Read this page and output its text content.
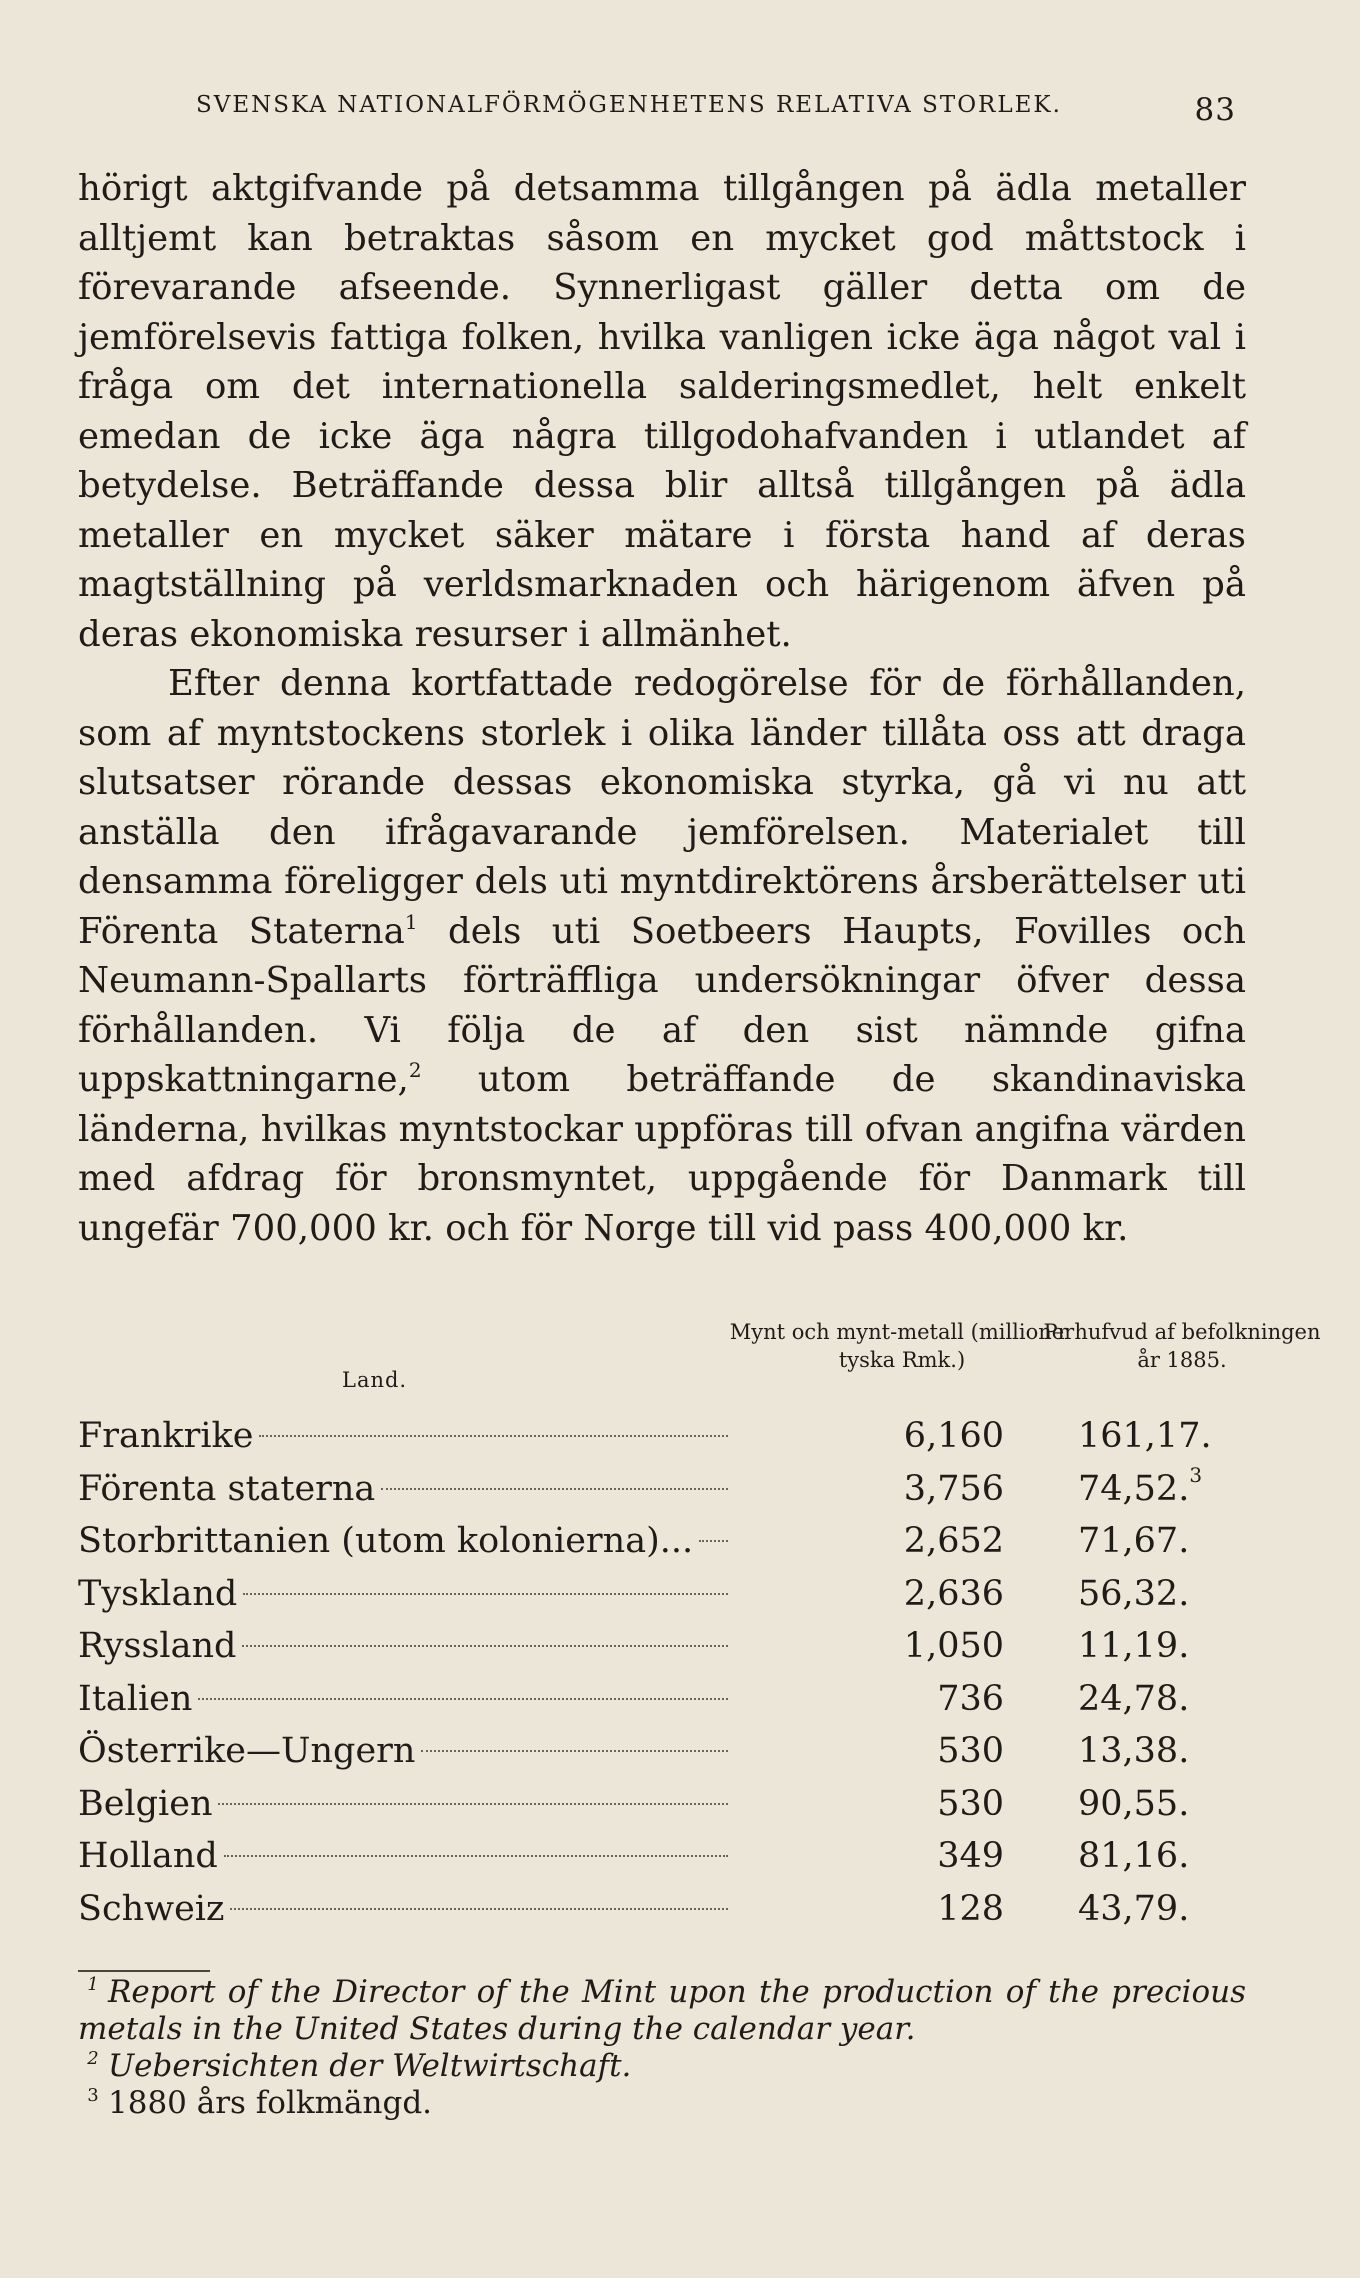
SVENSKA NATIONALFÖRMÖGENHETENS RELATIVA STORLEK.	83

hörigt aktgifvande på detsamma tillgången på ädla metaller alltjemt kan betraktas såsom en mycket god måttstock i förevarande afseende. Synnerligast gäller detta om de jemförelsevis fattiga folken, hvilka vanligen icke äga något val i fråga om det internationella salderingsmedlet, helt enkelt emedan de icke äga några tillgodohafvanden i utlandet af betydelse. Beträffande dessa blir alltså tillgången på ädla metaller en mycket säker mätare i första hand af deras magtställning på verldsmarknaden och härigenom äfven på deras ekonomiska resurser i allmänhet.

Efter denna kortfattade redogörelse för de förhållanden, som af myntstockens storlek i olika länder tillåta oss att draga slutsatser rörande dessas ekonomiska styrka, gå vi nu att anställa den ifrågavarande jemförelsen. Materialet till densamma föreligger dels uti myntdirektörens årsberättelser uti Förenta Staterna$^1$ dels uti Soetbeers Haupts, Fovilles och Neumann-Spallarts förträffliga undersökningar öfver dessa förhållanden. Vi följa de af den sist nämnde gifna uppskattningarne,$^2$ utom beträffande de skandinaviska länderna, hvilkas myntstockar uppföras till ofvan angifna värden med afdrag för bronsmyntet, uppgående för Danmark till ungefär 700,000 kr. och för Norge till vid pass 400,000 kr.

Land.
Mynt och mynt-metall (millioner tyska Rmk.)
Pr hufvud af befolkningen år 1885.
Frankrike	6,160 161,17.
Förenta staterna	3,756 74,52.$^3$
Storbrittanien (utom kolonierna)...	2,652 71,67.
Tyskland	2,636 56,32.
Ryssland	1,050 11,19.
Italien	736 24,78.
Österrike—Ungern	530 13,38.
Belgien	530 90,55.
Holland	349 81,16.
Schweiz	128 43,79.

1 Report of the Director of the Mint upon the production of the precious metals in the United States during the calendar year.

2 Uebersichten der Weltwirtschaft.

3 1880 års folkmängd.
